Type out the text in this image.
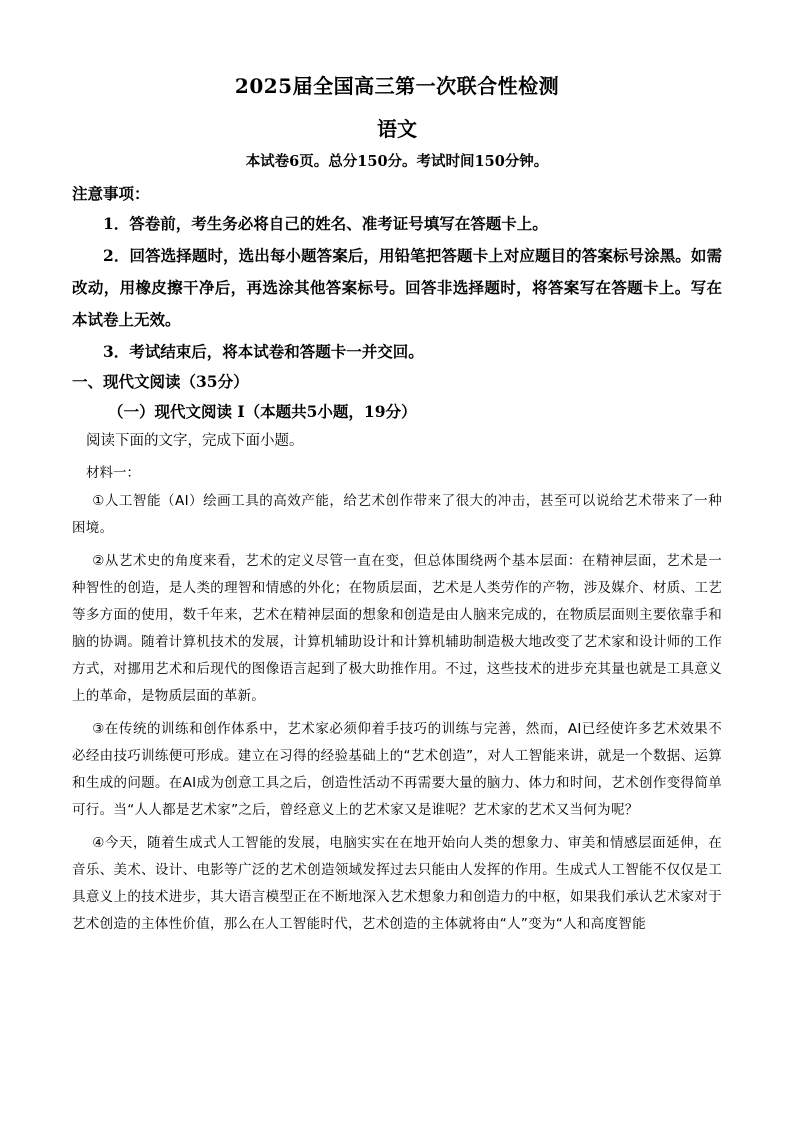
2025届全国高三第一次联合性检测
语文
本试卷6页。总分150分。考试时间150分钟。
注意事项：

1．答卷前，考生务必将自己的姓名、准考证号填写在答题卡上。

2．回答选择题时，选出每小题答案后，用铅笔把答题卡上对应题目的答案标号涂黑。如需改动，用橡皮擦干净后，再选涂其他答案标号。回答非选择题时，将答案写在答题卡上。写在本试卷上无效。

3．考试结束后，将本试卷和答题卡一并交回。

一、现代文阅读（35分）
（一）现代文阅读 I（本题共5小题，19分）
阅读下面的文字，完成下面小题。
材料一：

①人工智能（AI）绘画工具的高效产能，给艺术创作带来了很大的冲击，甚至可以说给艺术带来了一种困境。

②从艺术史的角度来看，艺术的定义尽管一直在变，但总体围绕两个基本层面：在精神层面，艺术是一种智性的创造，是人类的理智和情感的外化；在物质层面，艺术是人类劳作的产物，涉及媒介、材质、工艺等多方面的使用，数千年来，艺术在精神层面的想象和创造是由人脑来完成的，在物质层面则主要依靠手和脑的协调。随着计算机技术的发展，计算机辅助设计和计算机辅助制造极大地改变了艺术家和设计师的工作方式，对挪用艺术和后现代的图像语言起到了极大助推作用。不过，这些技术的进步充其量也就是工具意义上的革命，是物质层面的革新。

③在传统的训练和创作体系中，艺术家必须仰着手技巧的训练与完善，然而，AI已经使许多艺术效果不必经由技巧训练便可形成。建立在习得的经验基础上的“艺术创造”，对人工智能来讲，就是一个数据、运算和生成的问题。在AI成为创意工具之后，创造性活动不再需要大量的脑力、体力和时间，艺术创作变得简单可行。当“人人都是艺术家”之后，曾经意义上的艺术家又是谁呢？艺术家的艺术又当何为呢？

④今天，随着生成式人工智能的发展，电脑实实在在地开始向人类的想象力、审美和情感层面延伸，在音乐、美术、设计、电影等广泛的艺术创造领域发挥过去只能由人发挥的作用。生成式人工智能不仅仅是工具意义上的技术进步，其大语言模型正在不断地深入艺术想象力和创造力的中枢，如果我们承认艺术家对于艺术创造的主体性价值，那么在人工智能时代，艺术创造的主体就将由“人”变为“人和高度智能
